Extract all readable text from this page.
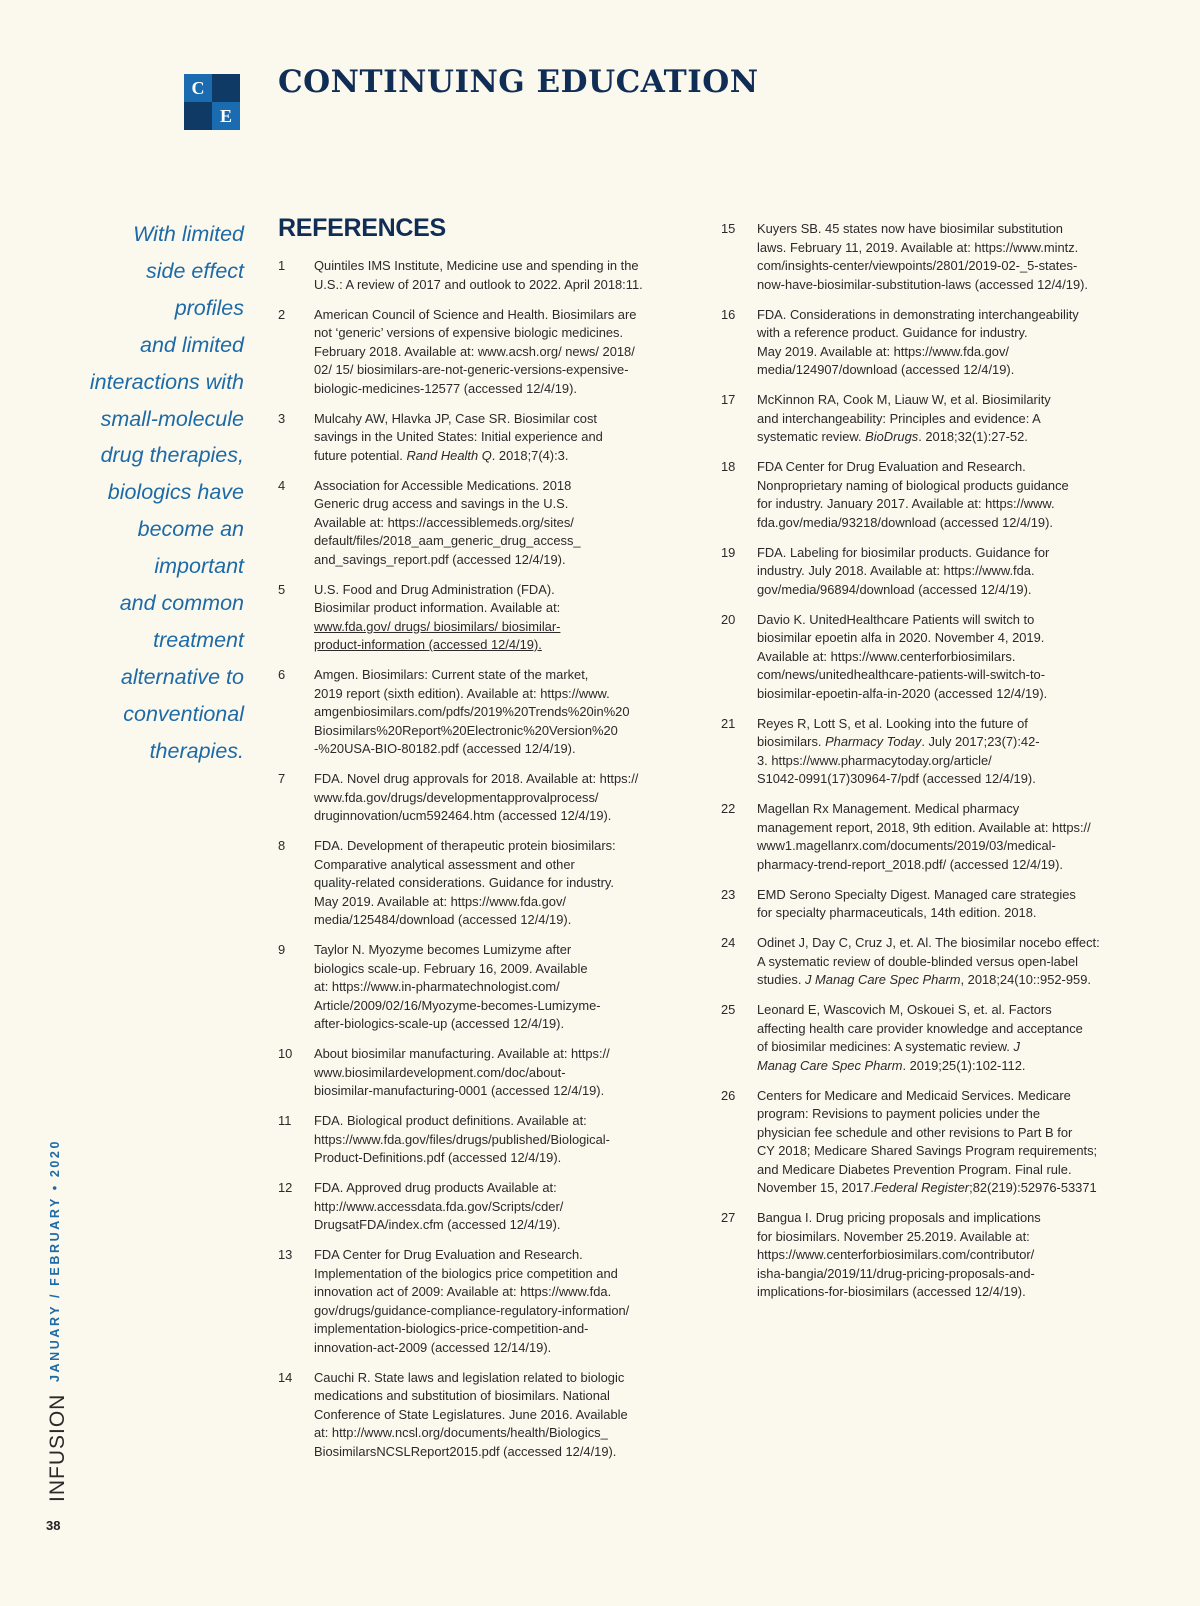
C
E
CONTINUING EDUCATION

With limited
side effect
profiles
and limited
interactions with
small-molecule
drug therapies,
biologics have
become an
important
and common
treatment
alternative to
conventional
therapies.

REFERENCES
1	Quintiles IMS Institute, Medicine use and spending in the
U.S.: A review of 2017 and outlook to 2022. April 2018:11.
2	American Council of Science and Health. Biosimilars are
not ‘generic’ versions of expensive biologic medicines.
February 2018. Available at: www.acsh.org/ news/ 2018/
02/ 15/ biosimilars-are-not-generic-versions-expensive-
biologic-medicines-12577 (accessed 12/4/19).
3	Mulcahy AW, Hlavka JP, Case SR. Biosimilar cost
savings in the United States: Initial experience and
future potential. Rand Health Q. 2018;7(4):3.
4	Association for Accessible Medications. 2018
Generic drug access and savings in the U.S.
Available at: https://accessiblemeds.org/sites/
default/files/2018_aam_generic_drug_access_
and_savings_report.pdf (accessed 12/4/19).
5	U.S. Food and Drug Administration (FDA).
Biosimilar product information. Available at:
www.fda.gov/ drugs/ biosimilars/ biosimilar-
product-information (accessed 12/4/19).
6	Amgen. Biosimilars: Current state of the market,
2019 report (sixth edition). Available at: https://www.
amgenbiosimilars.com/pdfs/2019%20Trends%20in%20
Biosimilars%20Report%20Electronic%20Version%20
-%20USA-BIO-80182.pdf (accessed 12/4/19).
7	FDA. Novel drug approvals for 2018. Available at: https://
www.fda.gov/drugs/developmentapprovalprocess/
druginnovation/ucm592464.htm (accessed 12/4/19).
8	FDA. Development of therapeutic protein biosimilars:
Comparative analytical assessment and other
quality-related considerations. Guidance for industry.
May 2019. Available at: https://www.fda.gov/
media/125484/download (accessed 12/4/19).
9	Taylor N. Myozyme becomes Lumizyme after
biologics scale-up. February 16, 2009. Available
at: https://www.in-pharmatechnologist.com/
Article/2009/02/16/Myozyme-becomes-Lumizyme-
after-biologics-scale-up (accessed 12/4/19).
10	About biosimilar manufacturing. Available at: https://
www.biosimilardevelopment.com/doc/about-
biosimilar-manufacturing-0001 (accessed 12/4/19).
11	FDA. Biological product definitions. Available at:
https://www.fda.gov/files/drugs/published/Biological-
Product-Definitions.pdf (accessed 12/4/19).
12	FDA. Approved drug products Available at:
http://www.accessdata.fda.gov/Scripts/cder/
DrugsatFDA/index.cfm (accessed 12/4/19).
13	FDA Center for Drug Evaluation and Research.
Implementation of the biologics price competition and
innovation act of 2009: Available at: https://www.fda.
gov/drugs/guidance-compliance-regulatory-information/
implementation-biologics-price-competition-and-
innovation-act-2009 (accessed 12/14/19).
14	Cauchi R. State laws and legislation related to biologic
medications and substitution of biosimilars. National
Conference of State Legislatures. June 2016. Available
at: http://www.ncsl.org/documents/health/Biologics_
BiosimilarsNCSLReport2015.pdf (accessed 12/4/19).
15	Kuyers SB. 45 states now have biosimilar substitution
laws. February 11, 2019. Available at: https://www.mintz.
com/insights-center/viewpoints/2801/2019-02-_5-states-
now-have-biosimilar-substitution-laws (accessed 12/4/19).
16	FDA. Considerations in demonstrating interchangeability
with a reference product. Guidance for industry.
May 2019. Available at: https://www.fda.gov/
media/124907/download (accessed 12/4/19).
17	McKinnon RA, Cook M, Liauw W, et al. Biosimilarity
and interchangeability: Principles and evidence: A
systematic review. BioDrugs. 2018;32(1):27-52.
18	FDA Center for Drug Evaluation and Research.
Nonproprietary naming of biological products guidance
for industry. January 2017. Available at: https://www.
fda.gov/media/93218/download (accessed 12/4/19).
19	FDA. Labeling for biosimilar products. Guidance for
industry. July 2018. Available at: https://www.fda.
gov/media/96894/download (accessed 12/4/19).
20	Davio K. UnitedHealthcare Patients will switch to
biosimilar epoetin alfa in 2020. November 4, 2019.
Available at: https://www.centerforbiosimilars.
com/news/unitedhealthcare-patients-will-switch-to-
biosimilar-epoetin-alfa-in-2020 (accessed 12/4/19).
21	Reyes R, Lott S, et al. Looking into the future of
biosimilars. Pharmacy Today. July 2017;23(7):42-
3. https://www.pharmacytoday.org/article/
S1042-0991(17)30964-7/pdf (accessed 12/4/19).
22	Magellan Rx Management. Medical pharmacy
management report, 2018, 9th edition. Available at: https://
www1.magellanrx.com/documents/2019/03/medical-
pharmacy-trend-report_2018.pdf/ (accessed 12/4/19).
23	EMD Serono Specialty Digest. Managed care strategies
for specialty pharmaceuticals, 14th edition. 2018.
24	Odinet J, Day C, Cruz J, et. Al. The biosimilar nocebo effect:
A systematic review of double-blinded versus open-label
studies. J Manag Care Spec Pharm, 2018;24(10::952-959.
25	Leonard E, Wascovich M, Oskouei S, et. al. Factors
affecting health care provider knowledge and acceptance
of biosimilar medicines: A systematic review. J
Manag Care Spec Pharm. 2019;25(1):102-112.
26	Centers for Medicare and Medicaid Services. Medicare
program: Revisions to payment policies under the
physician fee schedule and other revisions to Part B for
CY 2018; Medicare Shared Savings Program requirements;
and Medicare Diabetes Prevention Program. Final rule.
November 15, 2017.Federal Register;82(219):52976-53371
27	Bangua I. Drug pricing proposals and implications
for biosimilars. November 25.2019. Available at:
https://www.centerforbiosimilars.com/contributor/
isha-bangia/2019/11/drug-pricing-proposals-and-
implications-for-biosimilars (accessed 12/4/19).
JANUARY / FEBRUARY • 2020
INFUSION
38
